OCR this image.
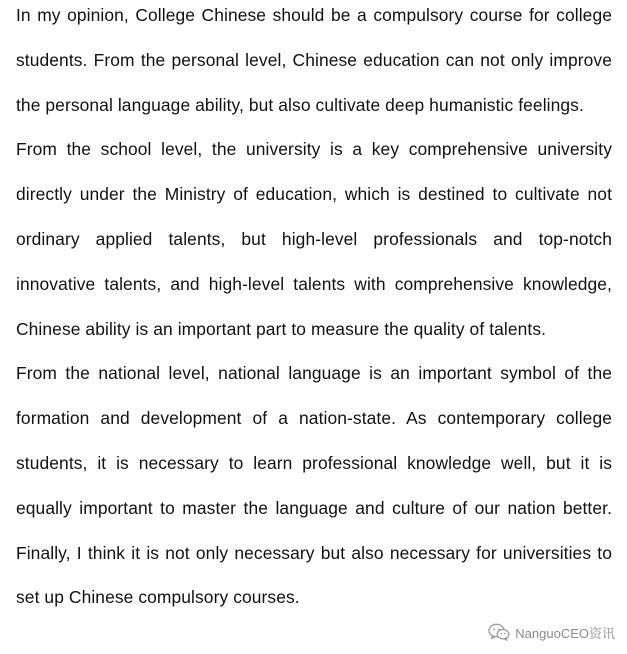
In my opinion, College Chinese should be a compulsory course for college students. From the personal level, Chinese education can not only improve the personal language ability, but also cultivate deep humanistic feelings.

From the school level, the university is a key comprehensive university directly under the Ministry of education, which is destined to cultivate not ordinary applied talents, but high-level professionals and top-notch innovative talents, and high-level talents with comprehensive knowledge, Chinese ability is an important part to measure the quality of talents.

From the national level, national language is an important symbol of the formation and development of a nation-state. As contemporary college students, it is necessary to learn professional knowledge well, but it is equally important to master the language and culture of our nation better. Finally, I think it is not only necessary but also necessary for universities to set up Chinese compulsory courses.

NanguoCEO资讯
